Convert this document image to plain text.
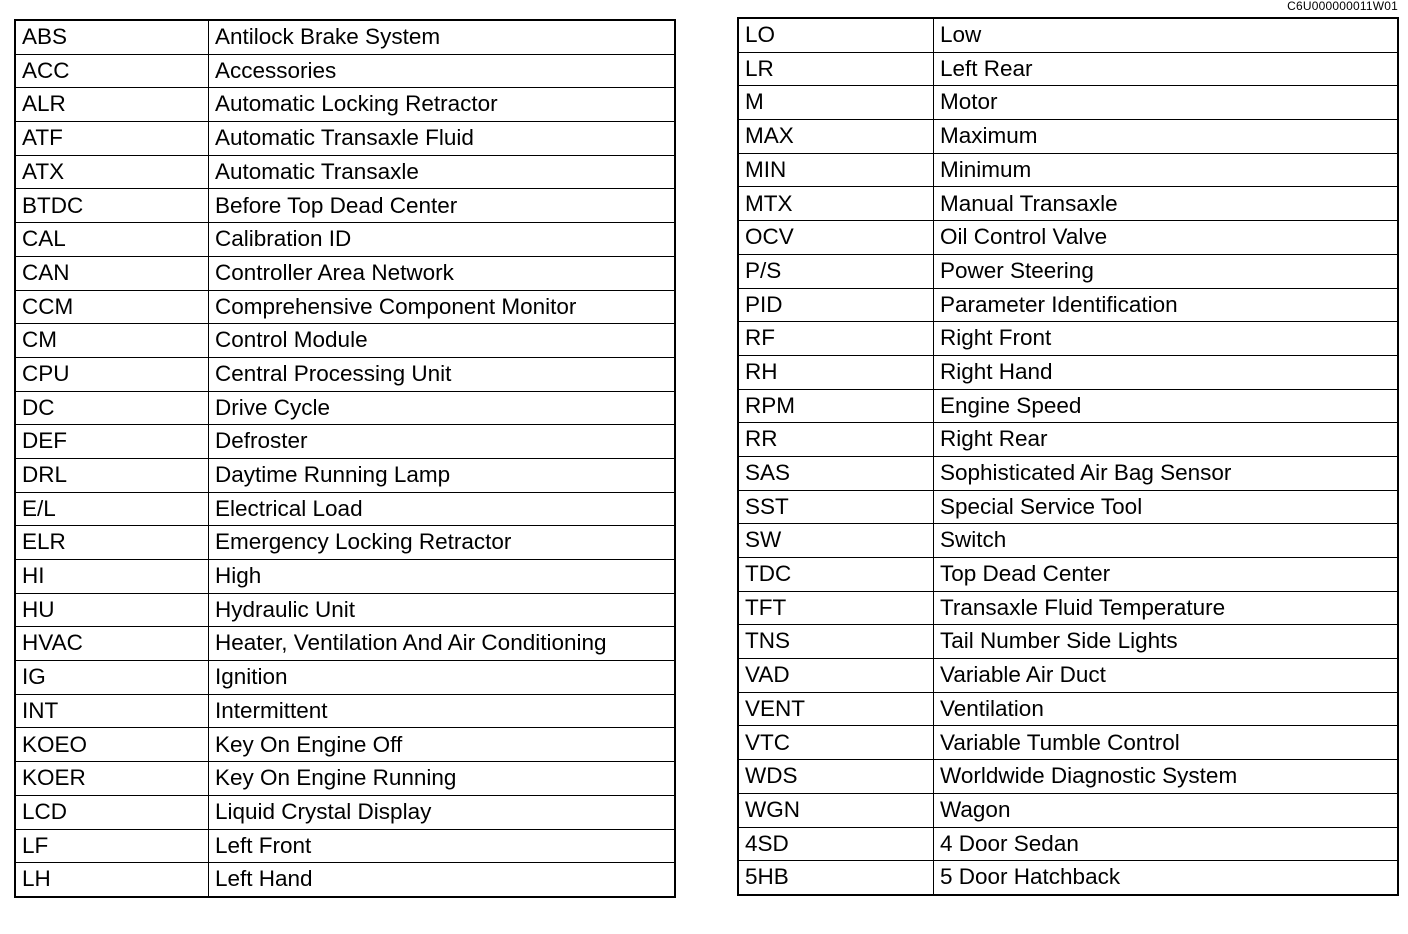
C6U000000011W01
ABS	Antilock Brake System
ACC	Accessories
ALR	Automatic Locking Retractor
ATF	Automatic Transaxle Fluid
ATX	Automatic Transaxle
BTDC	Before Top Dead Center
CAL	Calibration ID
CAN	Controller Area Network
CCM	Comprehensive Component Monitor
CM	Control Module
CPU	Central Processing Unit
DC	Drive Cycle
DEF	Defroster
DRL	Daytime Running Lamp
E/L	Electrical Load
ELR	Emergency Locking Retractor
HI	High
HU	Hydraulic Unit
HVAC	Heater, Ventilation And Air Conditioning
IG	Ignition
INT	Intermittent
KOEO	Key On Engine Off
KOER	Key On Engine Running
LCD	Liquid Crystal Display
LF	Left Front
LH	Left Hand
LO	Low
LR	Left Rear
M	Motor
MAX	Maximum
MIN	Minimum
MTX	Manual Transaxle
OCV	Oil Control Valve
P/S	Power Steering
PID	Parameter Identification
RF	Right Front
RH	Right Hand
RPM	Engine Speed
RR	Right Rear
SAS	Sophisticated Air Bag Sensor
SST	Special Service Tool
SW	Switch
TDC	Top Dead Center
TFT	Transaxle Fluid Temperature
TNS	Tail Number Side Lights
VAD	Variable Air Duct
VENT	Ventilation
VTC	Variable Tumble Control
WDS	Worldwide Diagnostic System
WGN	Wagon
4SD	4 Door Sedan
5HB	5 Door Hatchback
